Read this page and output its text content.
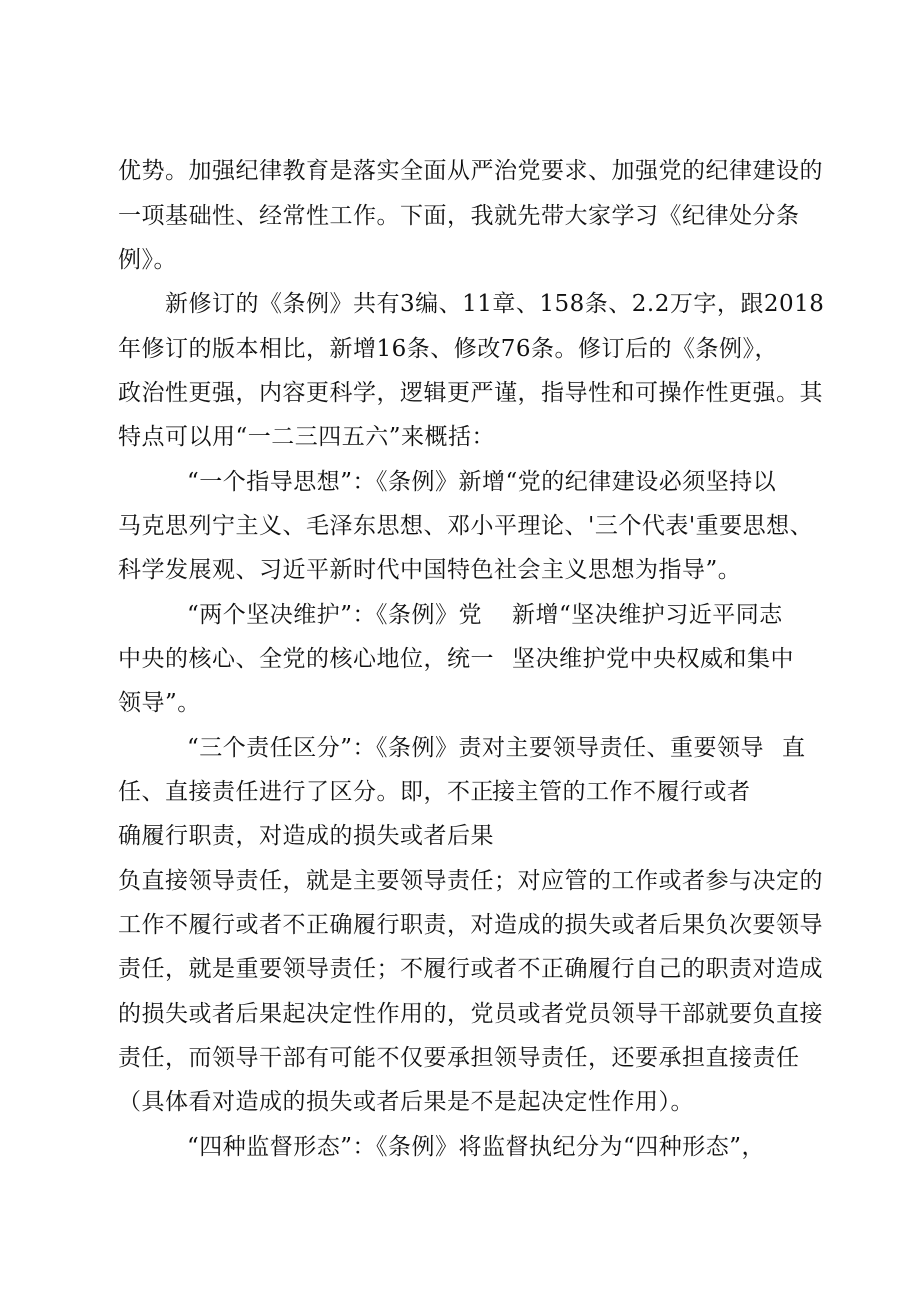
优势。加强纪律教育是落实全面从严治党要求、加强党的纪律建设的
一项基础性、经常性工作。下面，我就先带大家学习《纪律处分条
例》。
新修订的《条例》共有3编、11章、158条、2.2万字，跟2018
年修订的版本相比，新增16条、修改76条。修订后的《条例》，
政治性更强，内容更科学，逻辑更严谨，指导性和可操作性更强。其
特点可以用“一二三四五六”来概括：
“一个指导思想”：《条例》新增“党的纪律建设必须坚持以
马克思列宁主义、毛泽东思想、邓小平理论、'三个代表'重要思想、
科学发展观、习近平新时代中国特色社会主义思想为指导”。
“两个坚决维护”：《条例》党 新增“坚决维护习近平同志
中央的核心、全党的核心地位，统一 坚决维护党中央权威和集中
领导”。
“三个责任区分”：《条例》责对主要领导责任、重要领导 直
任、直接责任进行了区分。即，不正
接主管的工作不履行或者
确履行职责，对造成的损失或者后果
负直接领导责任，就是主要领导责任；对应管的工作或者参与决定的
工作不履行或者不正确履行职责，对造成的损失或者后果负次要领导
责任，就是重要领导责任；不履行或者不正确履行自己的职责对造成
的损失或者后果起决定性作用的，党员或者党员领导干部就要负直接
责任，而领导干部有可能不仅要承担领导责任，还要承担直接责任
（具体看对造成的损失或者后果是不是起决定性作用）。
“四种监督形态”：《条例》将监督执纪分为“四种形态”，
